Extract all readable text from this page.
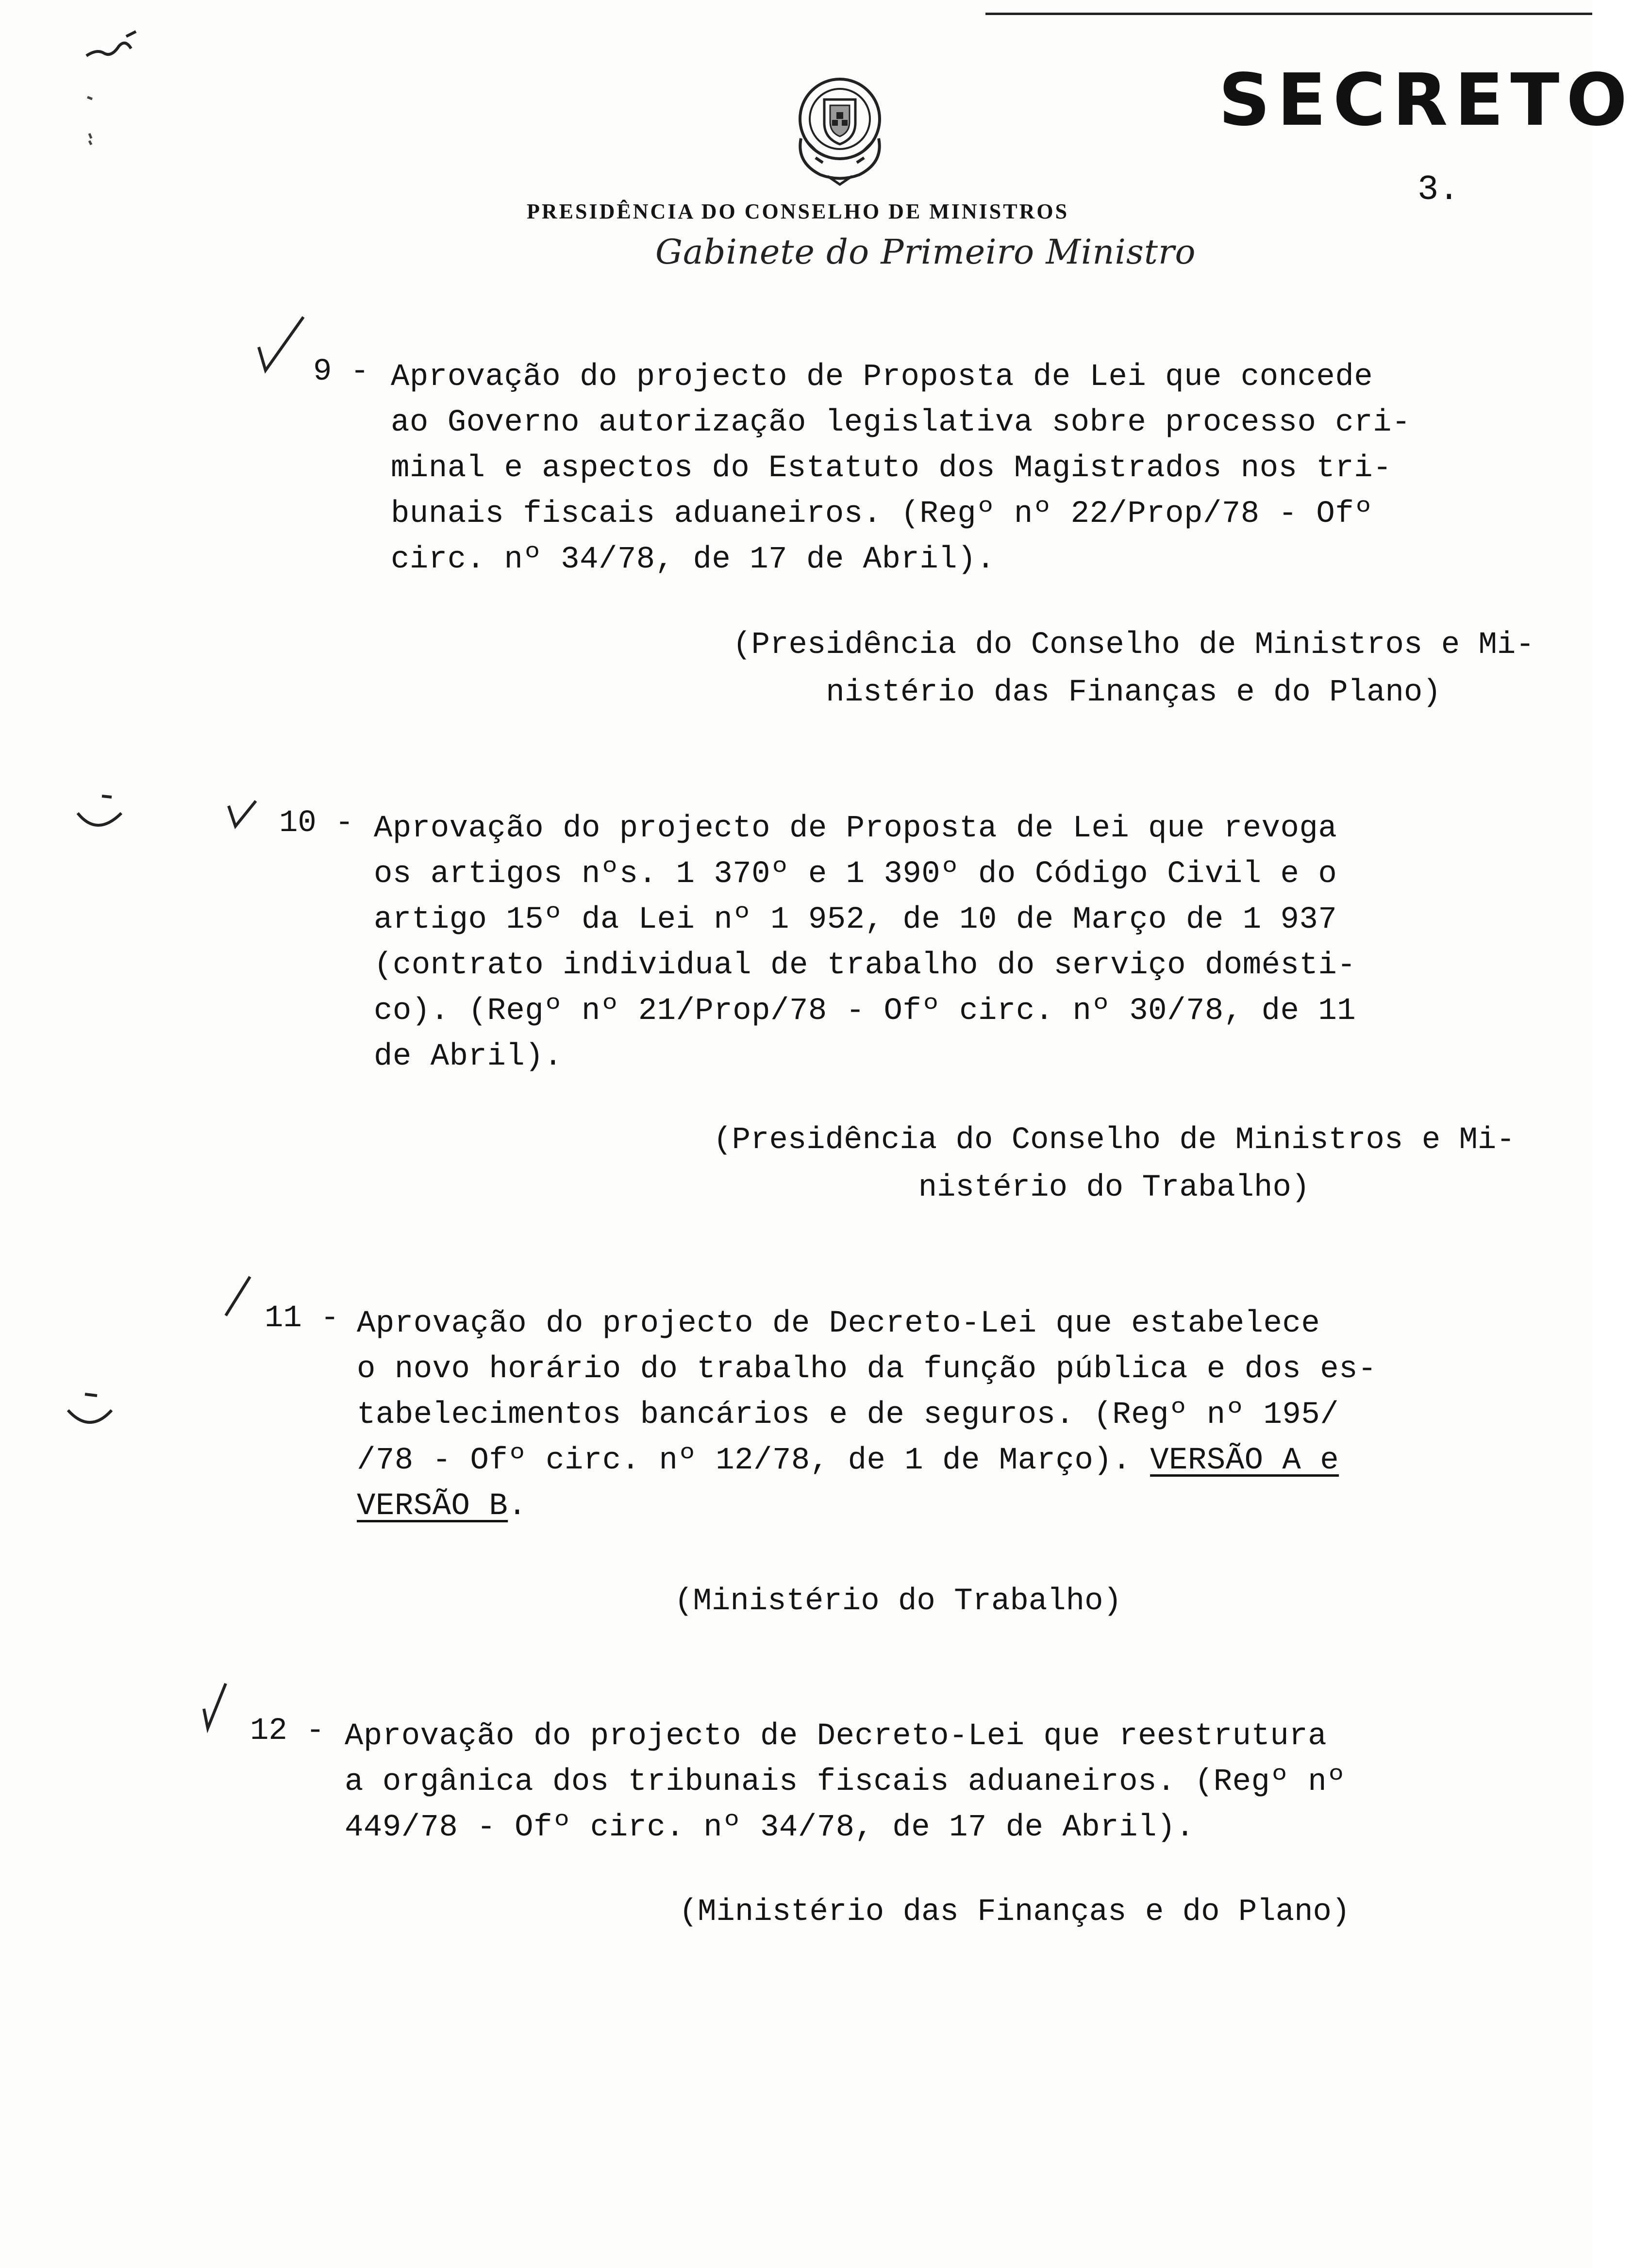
SECRETO
3.
PRESIDÊNCIA DO CONSELHO DE MINISTROS
Gabinete do Primeiro Ministro
9 - Aprovação do projecto de Proposta de Lei que concede
ao Governo autorização legislativa sobre processo cri-
minal e aspectos do Estatuto dos Magistrados nos tri-
bunais fiscais aduaneiros. (Regº nº 22/Prop/78 - Ofº
circ. nº 34/78, de 17 de Abril).
(Presidência do Conselho de Ministros e Mi-
nistério das Finanças e do Plano)
10 - Aprovação do projecto de Proposta de Lei que revoga
os artigos nºs. 1 370º e 1 390º do Código Civil e o
artigo 15º da Lei nº 1 952, de 10 de Março de 1 937
(contrato individual de trabalho do serviço domésti-
co). (Regº nº 21/Prop/78 - Ofº circ. nº 30/78, de 11
de Abril).
(Presidência do Conselho de Ministros e Mi-
nistério do Trabalho)
11 - Aprovação do projecto de Decreto-Lei que estabelece
o novo horário do trabalho da função pública e dos es-
tabelecimentos bancários e de seguros. (Regº nº 195/
/78 - Ofº circ. nº 12/78, de 1 de Março). VERSÃO A e
VERSÃO B.
(Ministério do Trabalho)
12 - Aprovação do projecto de Decreto-Lei que reestrutura
a orgânica dos tribunais fiscais aduaneiros. (Regº nº
449/78 - Ofº circ. nº 34/78, de 17 de Abril).
(Ministério das Finanças e do Plano)
